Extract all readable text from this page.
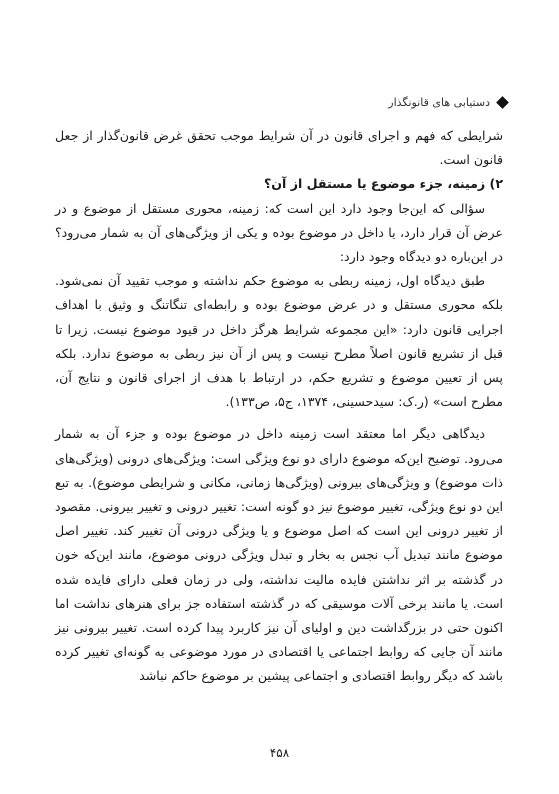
دستیابی های قانونگذار

شرایطی که فهم و اجرای قانون در آن شرایط موجب تحقق غرض قانون‌گذار از جعل قانون است.

۲) زمینه، جزء موضوع یا مستقل از آن؟

سؤالی که این‌جا وجود دارد این است که: زمینه، محوری مستقل از موضوع و در عرض آن قرار دارد، یا داخل در موضوع بوده و یکی از ویژگی‌های آن به شمار می‌رود؟ در این‌باره دو دیدگاه وجود دارد:

طبق دیدگاه اول، زمینه ربطی به موضوع حکم نداشته و موجب تقیید آن نمی‌شود. بلکه محوری مستقل و در عرض موضوع بوده و رابطه‌ای تنگاتنگ و وثیق با اهداف اجرایی قانون دارد: «این مجموعه شرایط هرگز داخل در قیود موضوع نیست. زیرا تا قبل از تشریع قانون اصلاً مطرح نیست و پس از آن نیز ربطی به موضوع ندارد. بلکه پس از تعیین موضوع و تشریع حکم، در ارتباط با هدف از اجرای قانون و نتایج آن، مطرح است» (ر.ک: سیدحسینی، ۱۳۷۴، ج۵، ص۱۳۳).

دیدگاهی دیگر اما معتقد است زمینه داخل در موضوع بوده و جزء آن به شمار می‌رود. توضیح این‌که موضوع دارای دو نوع ویژگی است: ویژگی‌های درونی (ویژگی‌های ذات موضوع) و ویژگی‌های بیرونی (ویژگی‌ها زمانی، مکانی و شرایطی موضوع). به تبع این دو نوع ویژگی، تغییر موضوع نیز دو گونه است: تغییر درونی و تغییر بیرونی. مقصود از تغییر درونی این است که اصل موضوع و یا ویژگی درونی آن تغییر کند. تغییر اصل موضوع مانند تبدیل آب نجس به بخار و تبدل ویژگی درونی موضوع، مانند این‌که خون در گذشته بر اثر نداشتن فایده مالیت نداشته، ولی در زمان فعلی دارای فایده شده است. یا مانند برخی آلات موسیقی که در گذشته استفاده جز برای هنرهای نداشت اما اکنون حتی در بزرگداشت دین و اولیای آن نیز کاربرد پیدا کرده است. تغییر بیرونی نیز مانند آن جایی که روابط اجتماعی یا اقتصادی در مورد موضوعی به گونه‌ای تغییر کرده باشد که دیگر روابط اقتصادی و اجتماعی پیشین بر موضوع حاکم نباشد

۴۵۸
